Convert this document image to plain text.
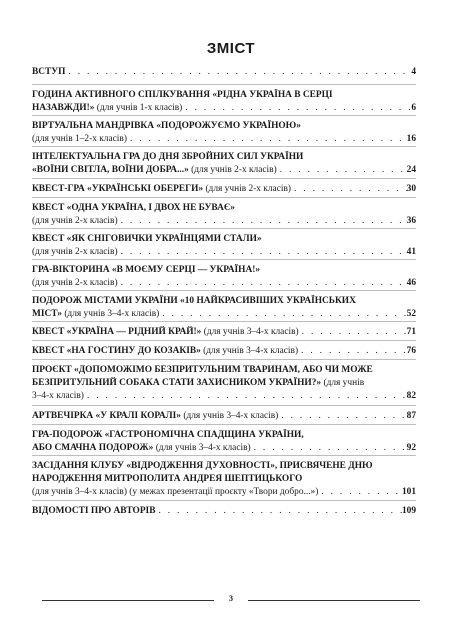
ЗМІСТ
ВСТУП . . .	4
ГОДИНА АКТИВНОГО СПІЛКУВАННЯ «РІДНА УКРАЇНА В СЕРЦІ
НАЗАВЖДИ!» (для учнів 1-х класів) . . .	6
ВІРТУАЛЬНА МАНДРІВКА «ПОДОРОЖУЄМО УКРАЇНОЮ»
(для учнів 1–2-х класів) . . .	16
ІНТЕЛЕКТУАЛЬНА ГРА ДО ДНЯ ЗБРОЙНИХ СИЛ УКРАЇНИ
«ВОЇНИ СВІТЛА, ВОЇНИ ДОБРА...» (для учнів 2-х класів) . . .	24
КВЕСТ-ГРА «УКРАЇНСЬКІ ОБЕРЕГИ» (для учнів 2-х класів) . . .	30
КВЕСТ «ОДНА УКРАЇНА, І ДВОХ НЕ БУВАЄ»
(для учнів 2-х класів) . . .	36
КВЕСТ «ЯК СНІГОВИЧКИ УКРАЇНЦЯМИ СТАЛИ»
(для учнів 2-х класів) . . .	41
ГРА-ВІКТОРИНА «В МОЄМУ СЕРЦІ — УКРАЇНА!»
(для учнів 2-х класів) . . .	46
ПОДОРОЖ МІСТАМИ УКРАЇНИ «10 НАЙКРАСИВІШИХ УКРАЇНСЬКИХ
МІСТ» (для учнів 3–4-х класів) . . .	52
КВЕСТ «УКРАЇНА — РІДНИЙ КРАЙ!» (для учнів 3–4-х класів) . . .	71
КВЕСТ «НА ГОСТИНУ ДО КОЗАКІВ» (для учнів 3–4-х класів) . . .	76
ПРОЄКТ «ДОПОМОЖІМО БЕЗПРИТУЛЬНИМ ТВАРИНАМ, АБО ЧИ МОЖЕ
БЕЗПРИТУЛЬНИЙ СОБАКА СТАТИ ЗАХИСНИКОМ УКРАЇНИ?» (для учнів
3–4-х класів) . . .	82
АРТВЕЧІРКА «У КРАЛІ КОРАЛІ» (для учнів 3–4-х класів) . . .	87
ГРА-ПОДОРОЖ «ГАСТРОНОМІЧНА СПАДЩИНА УКРАЇНИ,
АБО СМАЧНА ПОДОРОЖ» (для учнів 3–4-х класів) . . .	92
ЗАСІДАННЯ КЛУБУ «ВІДРОДЖЕННЯ ДУХОВНОСТІ», ПРИСВЯЧЕНЕ ДНЮ
НАРОДЖЕННЯ МИТРОПОЛИТА АНДРЕЯ ШЕПТИЦЬКОГО
(для учнів 3–4-х класів) (у межах презентації проєкту «Твори добро...») . . .	101
ВІДОМОСТІ ПРО АВТОРІВ . . .	109
3
